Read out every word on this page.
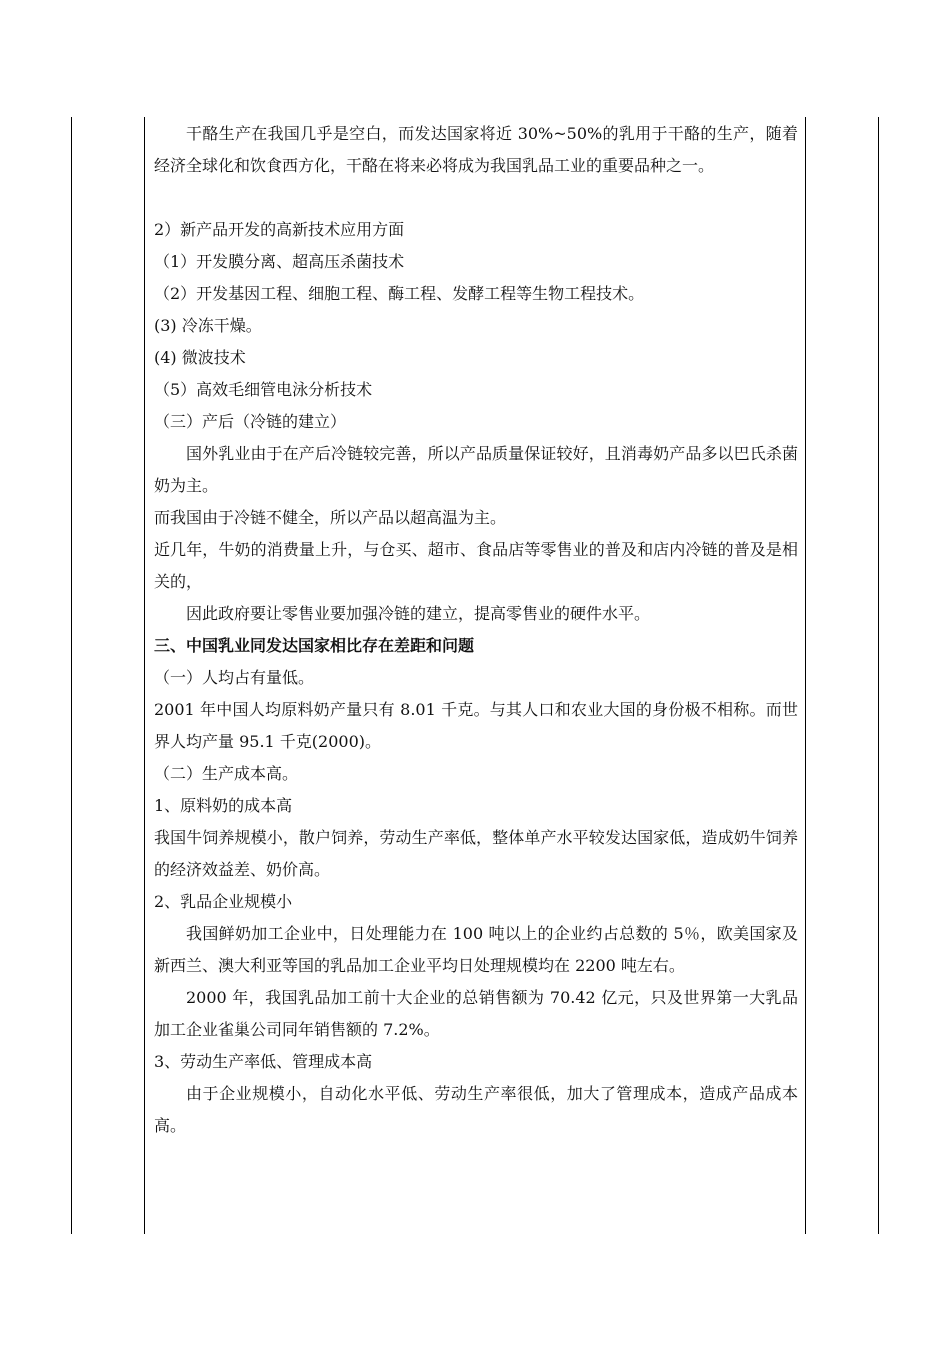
干酪生产在我国几乎是空白，而发达国家将近 30%~50%的乳用于干酪的生产，随着经济全球化和饮食西方化，干酪在将来必将成为我国乳品工业的重要品种之一。
2）新产品开发的高新技术应用方面
（1）开发膜分离、超高压杀菌技术
（2）开发基因工程、细胞工程、酶工程、发酵工程等生物工程技术。
(3) 冷冻干燥。
(4) 微波技术
（5）高效毛细管电泳分析技术
（三）产后（冷链的建立）
国外乳业由于在产后冷链较完善，所以产品质量保证较好，且消毒奶产品多以巴氏杀菌奶为主。
而我国由于冷链不健全，所以产品以超高温为主。
近几年，牛奶的消费量上升，与仓买、超市、食品店等零售业的普及和店内冷链的普及是相关的，
因此政府要让零售业要加强冷链的建立，提高零售业的硬件水平。
三、中国乳业同发达国家相比存在差距和问题
（一）人均占有量低。
2001 年中国人均原料奶产量只有 8.01 千克。与其人口和农业大国的身份极不相称。而世界人均产量 95.1 千克(2000)。
（二）生产成本高。
1、原料奶的成本高
我国牛饲养规模小，散户饲养，劳动生产率低，整体单产水平较发达国家低，造成奶牛饲养的经济效益差、奶价高。
2、乳品企业规模小
我国鲜奶加工企业中，日处理能力在 100 吨以上的企业约占总数的 5％，欧美国家及新西兰、澳大利亚等国的乳品加工企业平均日处理规模均在 2200 吨左右。
2000 年，我国乳品加工前十大企业的总销售额为 70.42 亿元，只及世界第一大乳品加工企业雀巢公司同年销售额的 7.2%。
3、劳动生产率低、管理成本高
由于企业规模小，自动化水平低、劳动生产率很低，加大了管理成本，造成产品成本高。
